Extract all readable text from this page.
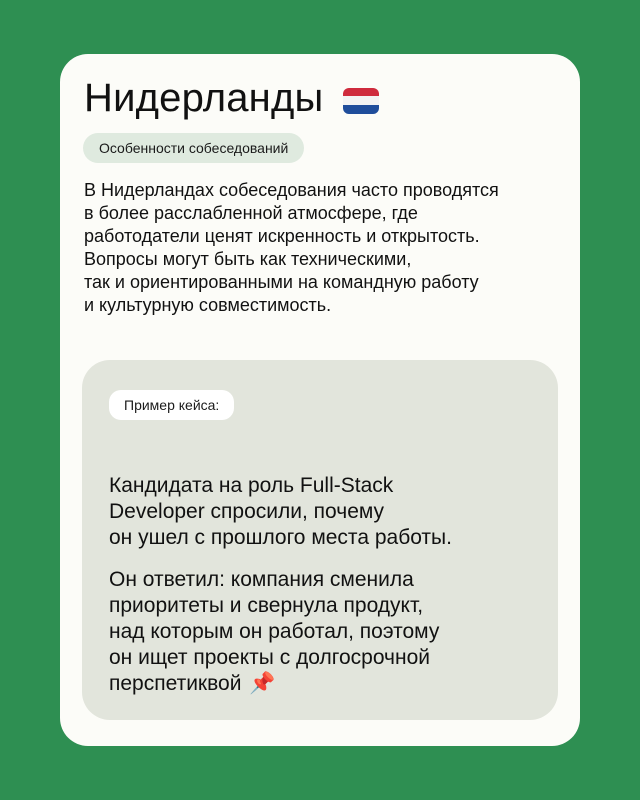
Нидерланды
Особенности собеседований
В Нидерландах собеседования часто проводятся
в более расслабленной атмосфере, где
работодатели ценят искренность и открытость.
Вопросы могут быть как техническими,
так и ориентированными на командную работу
и культурную совместимость.
Пример кейса:
Кандидата на роль Full-Stack
Developer спросили, почему
он ушел с прошлого места работы.
Он ответил: компания сменила
приоритеты и свернула продукт,
над которым он работал, поэтому
он ищет проекты с долгосрочной
перспетиквой 📌
